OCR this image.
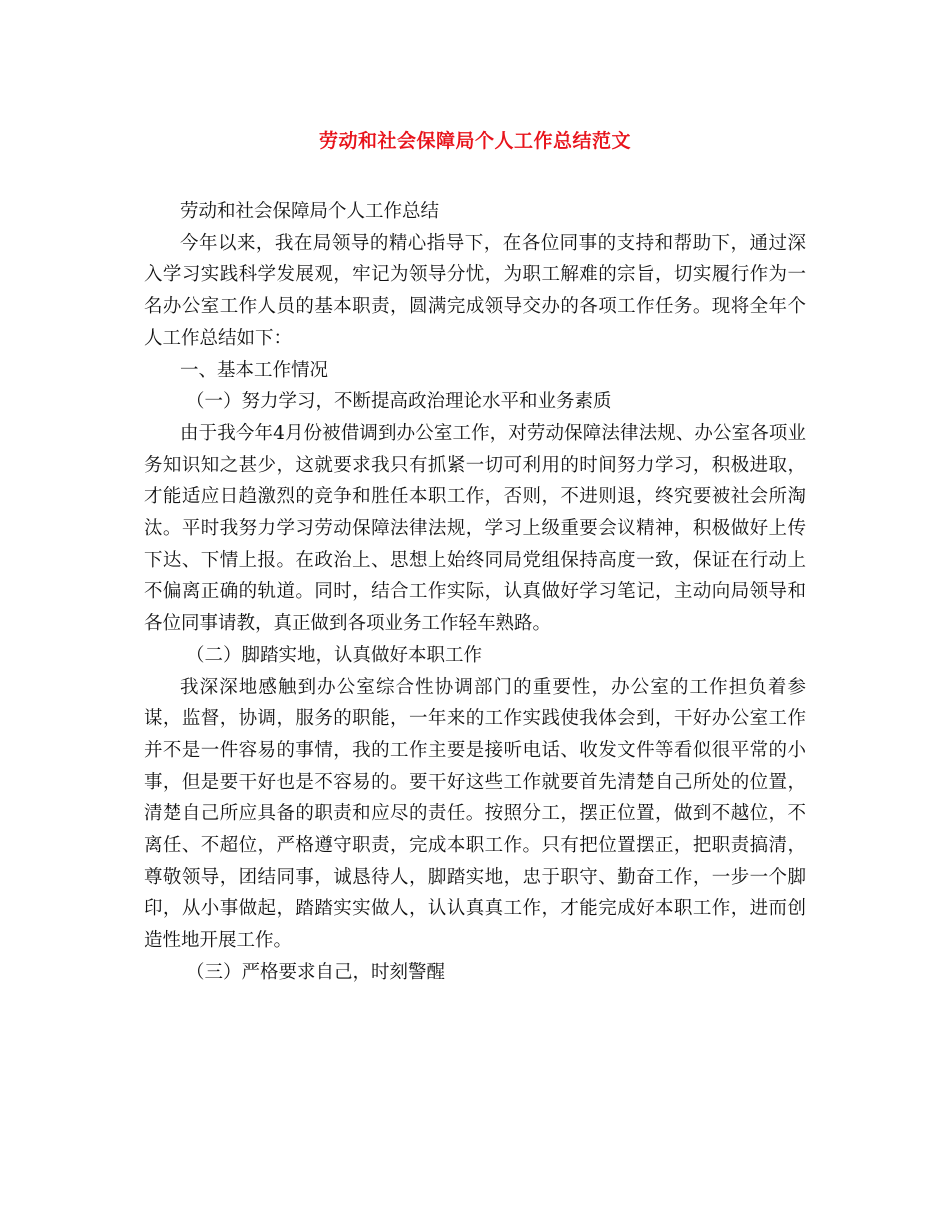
劳动和社会保障局个人工作总结范文

劳动和社会保障局个人工作总结

今年以来，我在局领导的精心指导下，在各位同事的支持和帮助下，通过深入学习实践科学发展观，牢记为领导分忧，为职工解难的宗旨，切实履行作为一名办公室工作人员的基本职责，圆满完成领导交办的各项工作任务。现将全年个人工作总结如下：

一、基本工作情况

（一）努力学习，不断提高政治理论水平和业务素质

由于我今年4月份被借调到办公室工作，对劳动保障法律法规、办公室各项业务知识知之甚少，这就要求我只有抓紧一切可利用的时间努力学习，积极进取，才能适应日趋激烈的竞争和胜任本职工作，否则，不进则退，终究要被社会所淘汰。平时我努力学习劳动保障法律法规，学习上级重要会议精神，积极做好上传下达、下情上报。在政治上、思想上始终同局党组保持高度一致，保证在行动上不偏离正确的轨道。同时，结合工作实际，认真做好学习笔记，主动向局领导和各位同事请教，真正做到各项业务工作轻车熟路。

（二）脚踏实地，认真做好本职工作

我深深地感触到办公室综合性协调部门的重要性，办公室的工作担负着参谋，监督，协调，服务的职能，一年来的工作实践使我体会到，干好办公室工作并不是一件容易的事情，我的工作主要是接听电话、收发文件等看似很平常的小事，但是要干好也是不容易的。要干好这些工作就要首先清楚自己所处的位置，清楚自己所应具备的职责和应尽的责任。按照分工，摆正位置，做到不越位，不离任、不超位，严格遵守职责，完成本职工作。只有把位置摆正，把职责搞清，尊敬领导，团结同事，诚恳待人，脚踏实地，忠于职守、勤奋工作，一步一个脚印，从小事做起，踏踏实实做人，认认真真工作，才能完成好本职工作，进而创造性地开展工作。

（三）严格要求自己，时刻警醒
